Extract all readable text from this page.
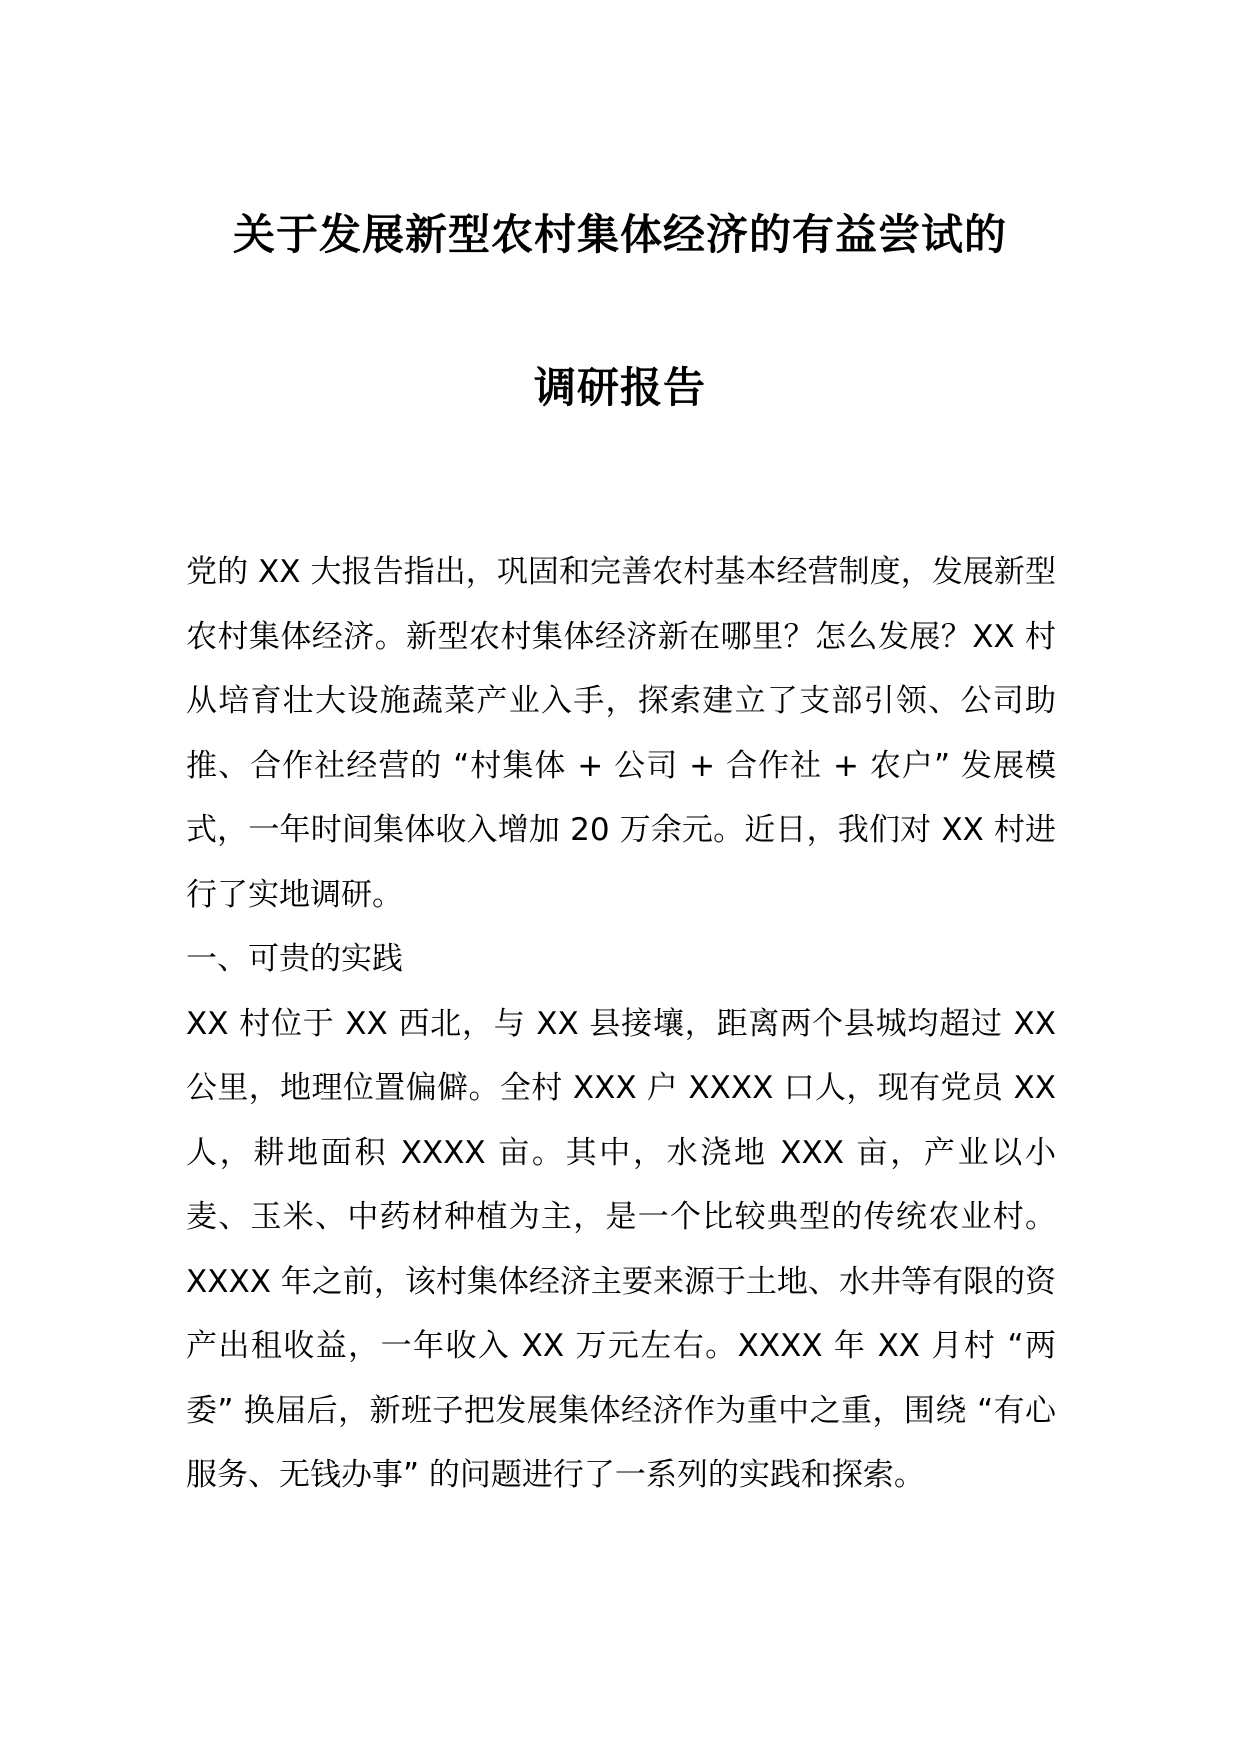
关于发展新型农村集体经济的有益尝试的
调研报告

党的 XX 大报告指出，巩固和完善农村基本经营制度，发展新型农村集体经济。新型农村集体经济新在哪里？怎么发展？XX 村从培育壮大设施蔬菜产业入手，探索建立了支部引领、公司助推、合作社经营的 “村集体 + 公司 + 合作社 + 农户” 发展模式，一年时间集体收入增加 20 万余元。近日，我们对 XX 村进行了实地调研。

一、可贵的实践

XX 村位于 XX 西北，与 XX 县接壤，距离两个县城均超过 XX 公里，地理位置偏僻。全村 XXX 户 XXXX 口人，现有党员 XX 人，耕地面积 XXXX 亩。其中，水浇地 XXX 亩，产业以小麦、玉米、中药材种植为主，是一个比较典型的传统农业村。XXXX 年之前，该村集体经济主要来源于土地、水井等有限的资产出租收益，一年收入 XX 万元左右。XXXX 年 XX 月村 “两委” 换届后，新班子把发展集体经济作为重中之重，围绕 “有心服务、无钱办事” 的问题进行了一系列的实践和探索。
